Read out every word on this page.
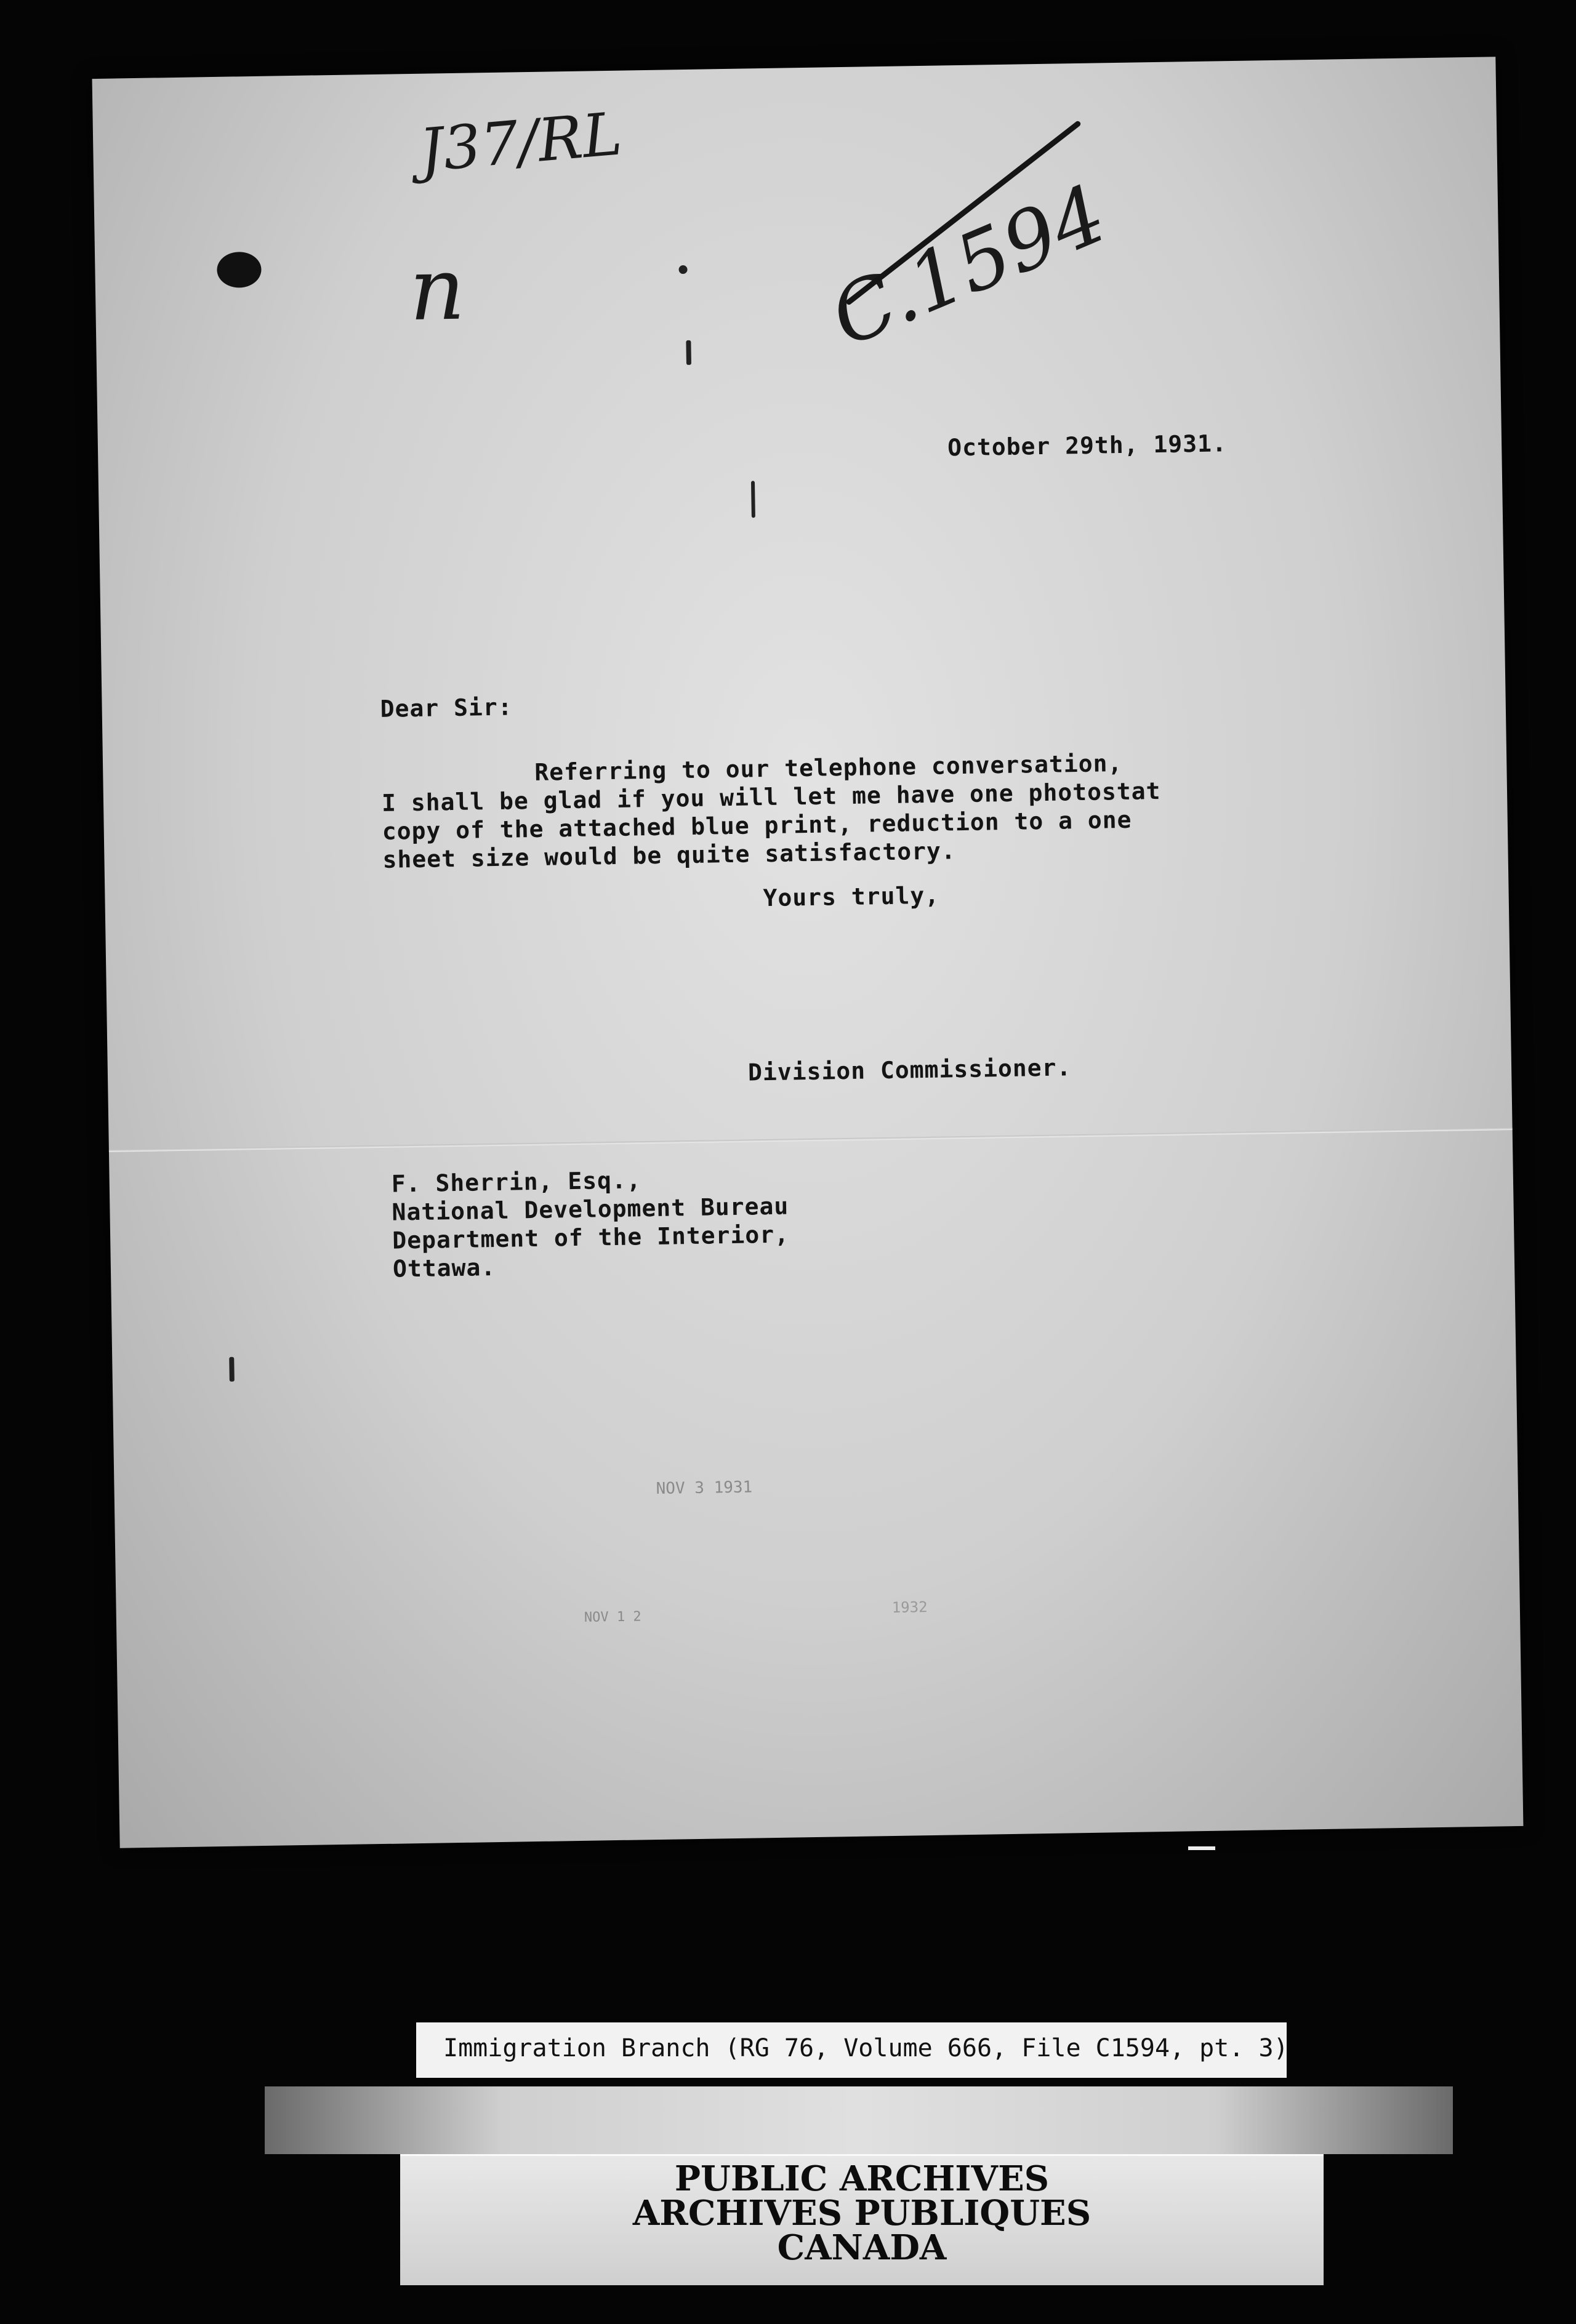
J37/RL

n	C.1594

October 29th, 1931.

Dear Sir:

Referring to our telephone conversation,

I shall be glad if you will let me have one photostat

copy of the attached blue print, reduction to a one

sheet size would be quite satisfactory.

Yours truly,

Division Commissioner.

F. Sherrin, Esq.,

National Development Bureau

Department of the Interior,

Ottawa.

NOV 3 1931
NOV 1 2
1932

Immigration Branch (RG 76, Volume 666, File C1594, pt. 3)

PUBLIC ARCHIVES

ARCHIVES PUBLIQUES

CANADA
